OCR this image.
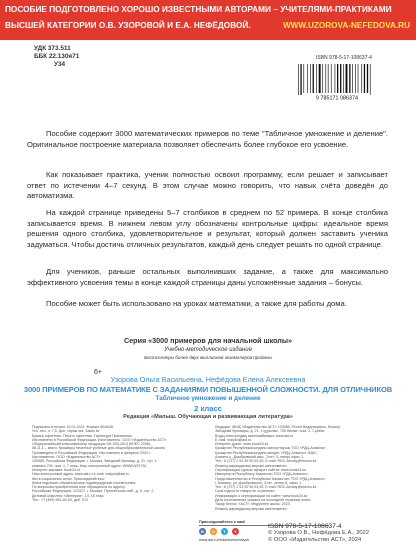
ПОСОБИЕ ПОДГОТОВЛЕНО ХОРОШО ИЗВЕСТНЫМИ АВТОРАМИ – УЧИТЕЛЯМИ-ПРАКТИКАМИ
ВЫСШЕЙ КАТЕГОРИИ О.В. УЗОРОВОЙ И Е.А. НЕФЁДОВОЙ.	WWW.UZOROVA-NEFEDOVA.RU
УДК 373.511
ББК 22.130я71
У34
ISBN 978-5-17-108637-4
9 785171 086374

Пособие содержит 3000 математических примеров по теме "Табличное умножение и деление". Оригинальное построение материала позволяет обеспечить более глубокое его усвоение.

Как показывает практика, ученик полностью освоил программу, если решает и записывает ответ по истечении 4–7 секунд. В этом случае можно говорить, что навык счёта доведён до автоматизма.

На каждой странице приведены 5–7 столбиков в среднем по 52 примера. В конце столбика записывается время. В нижнем левом углу обозначены контрольные цифры: идеальное время решения одного столбика, удовлетворительное и результат, который должен заставить ученика задуматься. Чтобы достичь отличных результатов, каждый день следует решать по одной странице.

Для учеников, раньше остальных выполнивших задание, а также для максимально эффективного усвоения темы в конце каждой страницы даны усложнённые задания – бонусы.

Пособие может быть использовано на уроках математики, а также для работы дома.

Серия «3000 примеров для начальной школы»
Учебно-методическое издание
Бестселлеры более двух миллионов экземпляров проданы
6+
Узорова Ольга Васильевна, Нефёдова Елена Алексеевна
3000 ПРИМЕРОВ ПО МАТЕМАТИКЕ С ЗАДАНИЯМИ ПОВЫШЕННОЙ СЛОЖНОСТИ. ДЛЯ ОТЛИЧНИКОВ
Табличное умножение и деление
2 класс
Редакция «Малыш. Обучающая и развивающая литература»
Подписано в печать 10.01.2024. Формат 60х84/8.
Усл. печ. л. 7,5. Доп. тираж экз. Заказ №
Бумага офсетная. Печать офсетная. Гарнитура Прагматика.
Изготовлено в Российской Федерации. Изготовитель: ООО «Издательство АСТ».
Общероссийский классификатор продукции ОК-034-2014 (КПЕС 2008);
58.11.1 – книги, брошюры печатные учебные для общеобразовательной школы
Произведено в Российской Федерации. Изготовлено в феврале 2024 г.
Изготовитель: ООО «Издательство АСТ»
129085, Российская Федерация, г. Москва, Звёздный бульвар, д. 21, стр. 1,
комната 705, пом. 1, 7 этаж. Наш электронный адрес: WWW.AST.RU
Интернет-магазин: book24.ru
Наш электронный адрес: www.ast.ru e-mail: malysh@ast.ru
Мы в социальных сетях. Присоединяйтесь!
Книга подлежит обязательному подтверждению соответствия
По вопросам приобретения книг обращаться по адресу:
Российская Федерация, 123317, г. Москва, Пресненская наб., д. 6, стр. 2,
Деловой комплекс «Империя», 14, 15 этаж
Тел.: +7 (499) 951-60-00, доб. 574
Өндіруші: ЖШҚ «Издательство АСТ» 129085, Ресей Федерациясы, Мәскеу,
Звёздный бульвары, д. 21, 1 құрылыс, 705 бөлме, пом. 1, 7-қабат.
Біздің электрондық мекенжайымыз: www.ast.ru
E-mail: malysh@ast.ru
Интернет-дүкен: www.book24.kz
Қазақстан Республикасындағы импорттаушы ТОО «РДЦ-Алматы».
Қазақстан Республикасындағы өкілдігі: «РДЦ-Алматы» ЖШС,
Алматы қ., Домбровский көш., 3«а», Б литері офис 1.
Тел.: 8 (727) 2 51 59 90,91,92; E-mail: RDC-Almaty@eksmo.kz
Өнімнің жарамдылық мерзімі шектелмеген.
Сертификация туралы ақпарат сайтта: www.book24.kz
Импортер в Республику Казахстан ТОО «РДЦ-Алматы».
Представительство в Республике Казахстан: ТОО «РДЦ-Алматы»,
г. Алматы, ул. Домбровского, 3«а», литер Б, офис 1.
Тел.: 8 (727) 2 51 59 90,91,92; E-mail: RDC-Almaty@eksmo.kz
Срок годности товара не ограничен.
Информация о сертификации на сайте: www.book24.kz
Дата изготовления указана на последней странице книги.
Тауар белгісі: «АСТ». Өндірілген жылы: 2024
Өнімнің жарамдылық мерзімі шектелмеген.
Присоединяйтесь к нам!
В	О	Т	Y
www.ast.ru/redactions/malysh
ISBN 978-5-17-108637-4
© Узорова О.В., Нефёдова Е.А., 2022
© ООО «Издательство АСТ», 2024
